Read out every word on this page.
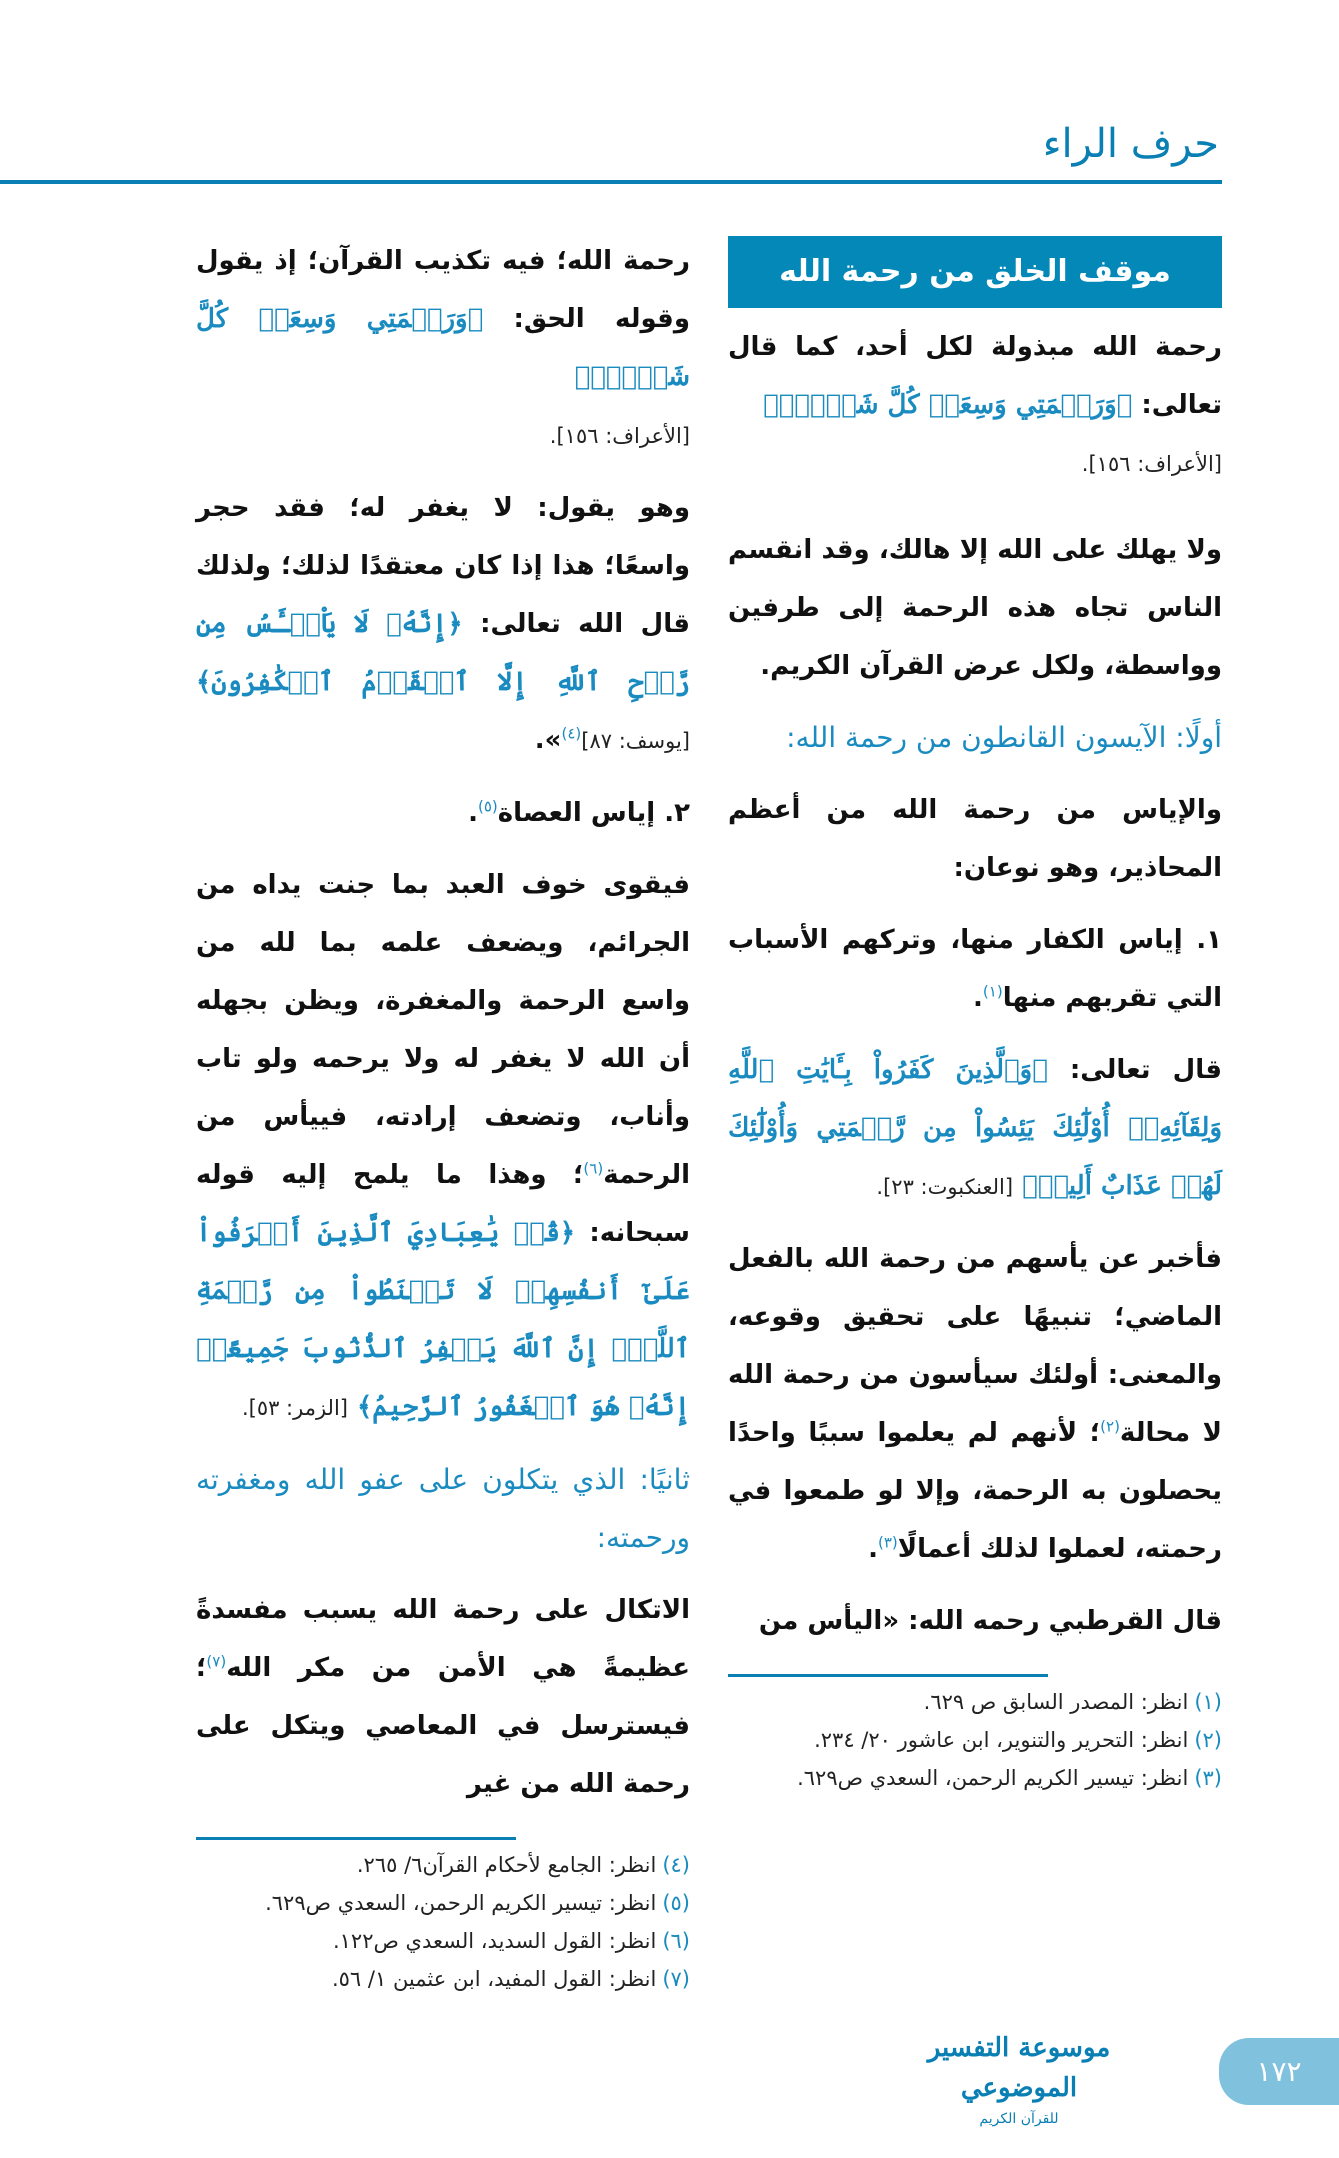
حرف الراء
موقف الخلق من رحمة الله

رحمة الله مبذولة لكل أحد، كما قال تعالى: ﴿وَرَحۡمَتِي وَسِعَتۡ كُلَّ شَيۡءٖۚ﴾
[الأعراف: ١٥٦].

ولا يهلك على الله إلا هالك، وقد انقسم الناس تجاه هذه الرحمة إلى طرفين وواسطة، ولكل عرض القرآن الكريم.

أولًا: الآيسون القانطون من رحمة الله:

والإياس من رحمة الله من أعظم المحاذير، وهو نوعان:

١. إياس الكفار منها، وتركهم الأسباب التي تقربهم منها$^{(١)}$.

قال تعالى: ﴿وَٱلَّذِينَ كَفَرُواْ بِـَٔايَٰتِ ٱللَّهِ وَلِقَآئِهِۦٓ أُوْلَٰٓئِكَ يَئِسُواْ مِن رَّحۡمَتِي وَأُوْلَٰٓئِكَ لَهُمۡ عَذَابٌ أَلِيمٞ﴾ [العنكبوت: ٢٣].

فأخبر عن يأسهم من رحمة الله بالفعل الماضي؛ تنبيهًا على تحقيق وقوعه، والمعنى: أولئك سيأسون من رحمة الله لا محالة$^{(٢)}$؛ لأنهم لم يعلموا سببًا واحدًا يحصلون به الرحمة، وإلا لو طمعوا في رحمته، لعملوا لذلك أعمالًا$^{(٣)}$.

قال القرطبي رحمه الله: «اليأس من

(١)انظر: المصدر السابق ص ٦٢٩.
(٢)انظر: التحرير والتنوير، ابن عاشور ٢٠/ ٢٣٤.
(٣)انظر: تيسير الكريم الرحمن، السعدي ص٦٢٩.

رحمة الله؛ فيه تكذيب القرآن؛ إذ يقول وقوله الحق: ﴿وَرَحۡمَتِي وَسِعَتۡ كُلَّ شَيۡءٖۚ﴾
[الأعراف: ١٥٦].

وهو يقول: لا يغفر له؛ فقد حجر واسعًا؛ هذا إذا كان معتقدًا لذلك؛ ولذلك قال الله تعالى: ﴿إِنَّهُۥ لَا يَاْيۡـَٔسُ مِن رَّوۡحِ ٱللَّهِ إِلَّا ٱلۡقَوۡمُ ٱلۡكَٰفِرُونَ﴾ [يوسف: ٨٧]$^{(٤)}$».

٢. إياس العصاة$^{(٥)}$.

فيقوى خوف العبد بما جنت يداه من الجرائم، ويضعف علمه بما لله من واسع الرحمة والمغفرة، ويظن بجهله أن الله لا يغفر له ولا يرحمه ولو تاب وأناب، وتضعف إرادته، فييأس من الرحمة$^{(٦)}$؛ وهذا ما يلمح إليه قوله سبحانه: ﴿قُلۡ يَٰعِبَادِيَ ٱلَّذِينَ أَسۡرَفُواْ عَلَىٰٓ أَنفُسِهِمۡ لَا تَقۡنَطُواْ مِن رَّحۡمَةِ ٱللَّهِۚ إِنَّ ٱللَّهَ يَغۡفِرُ ٱلذُّنُوبَ جَمِيعًاۚ إِنَّهُۥ هُوَ ٱلۡغَفُورُ ٱلرَّحِيمُ﴾ [الزمر: ٥٣].

ثانيًا: الذي يتكلون على عفو الله ومغفرته ورحمته:

الاتكال على رحمة الله يسبب مفسدةً عظيمةً هي الأمن من مكر الله$^{(٧)}$؛ فيسترسل في المعاصي ويتكل على رحمة الله من غير

(٤)انظر: الجامع لأحكام القرآن٦/ ٢٦٥.
(٥)انظر: تيسير الكريم الرحمن، السعدي ص٦٢٩.
(٦)انظر: القول السديد، السعدي ص١٢٢.
(٧)انظر: القول المفيد، ابن عثمين ١/ ٥٦.
موسوعة التفسير الموضوعي
للقرآن الكريم
١٧٢
